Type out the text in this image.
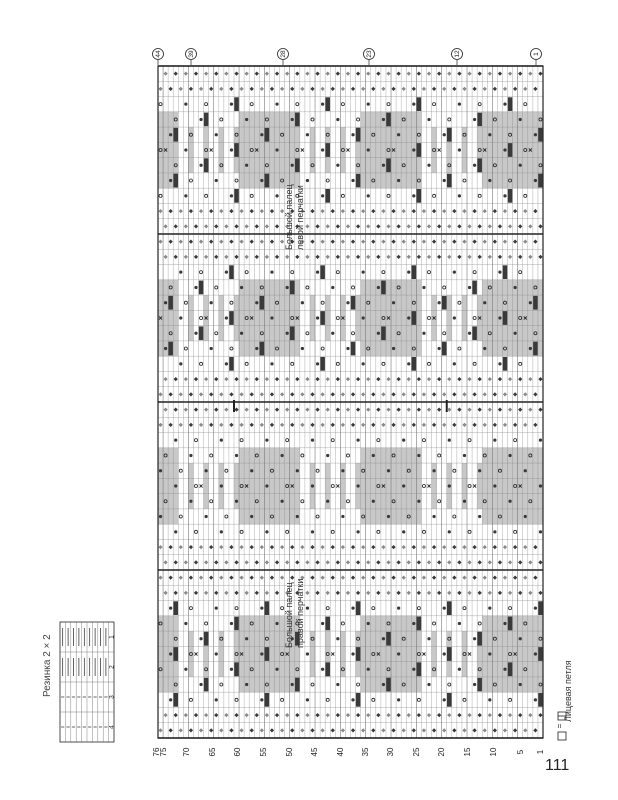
44	39	28	23	12	1
1
5
10
15
20
25
30
35
40
45
50
55
60
65
70
75
76
4
3
2
1
=
111
Резинка 2 × 2
Большой палец левой перчатки
Большой палец правой перчатки
Лицевая петля
